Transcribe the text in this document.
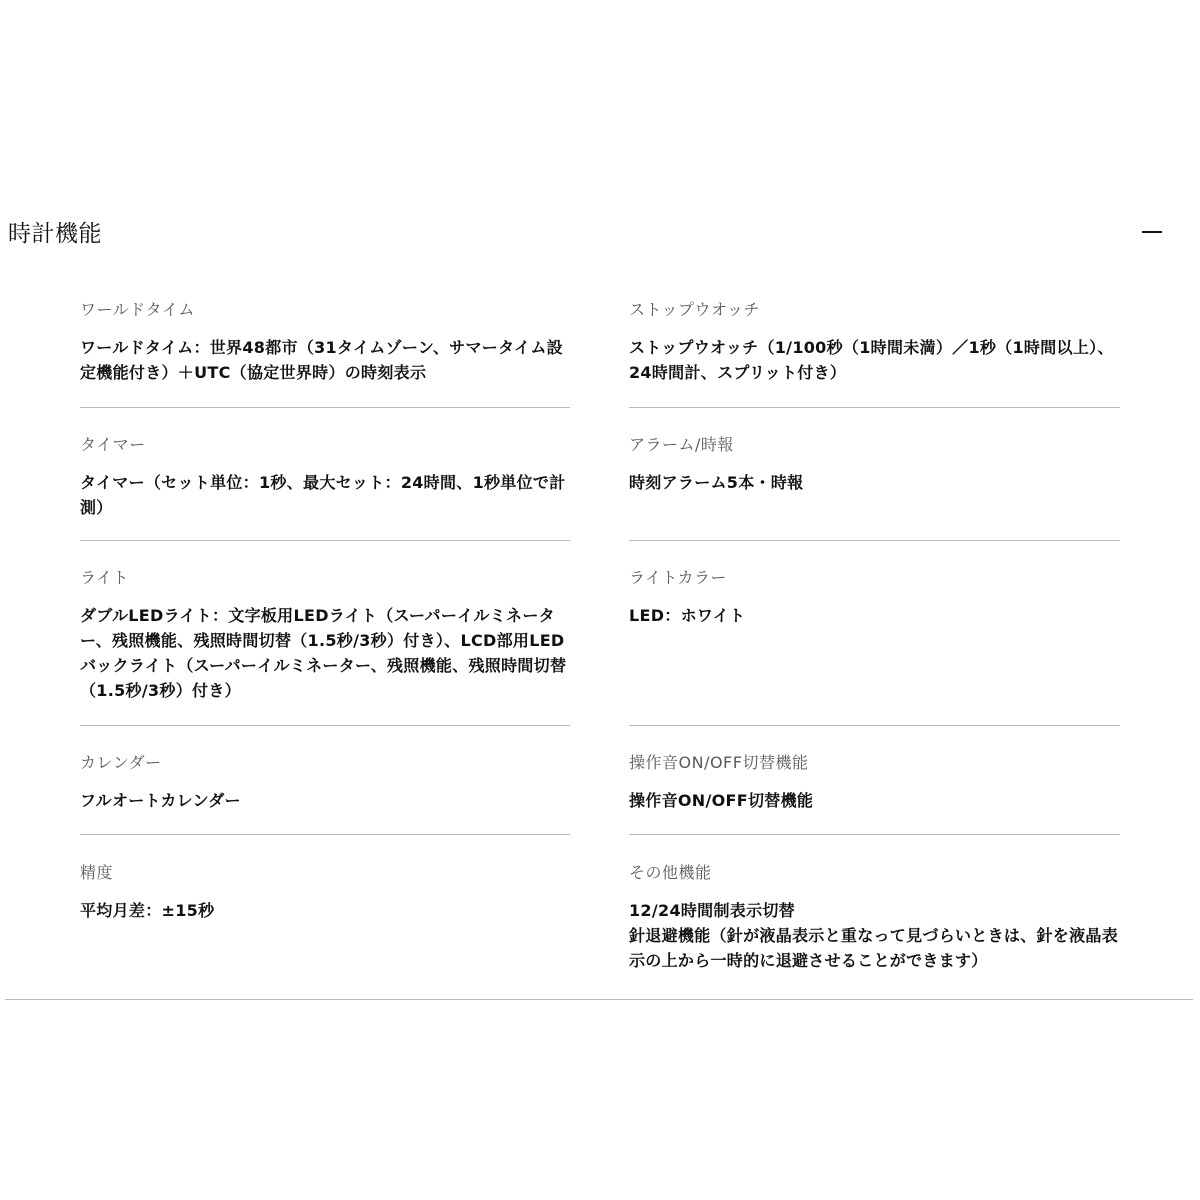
時計機能
ワールドタイム
ワールドタイム：世界48都市（31タイムゾーン、サマータイム設定機能付き）＋UTC（協定世界時）の時刻表示
ストップウオッチ
ストップウオッチ（1/100秒（1時間未満）／1秒（1時間以上）、24時間計、スプリット付き）
タイマー
タイマー（セット単位：1秒、最大セット：24時間、1秒単位で計測）
アラーム/時報
時刻アラーム5本・時報
ライト
ダブルLEDライト：文字板用LEDライト（スーパーイルミネーター、残照機能、残照時間切替（1.5秒/3秒）付き）、LCD部用LEDバックライト（スーパーイルミネーター、残照機能、残照時間切替（1.5秒/3秒）付き）
ライトカラー
LED：ホワイト
カレンダー
フルオートカレンダー
操作音ON/OFF切替機能
操作音ON/OFF切替機能
精度
平均月差：±15秒
その他機能
12/24時間制表示切替
針退避機能（針が液晶表示と重なって見づらいときは、針を液晶表示の上から一時的に退避させることができます）
